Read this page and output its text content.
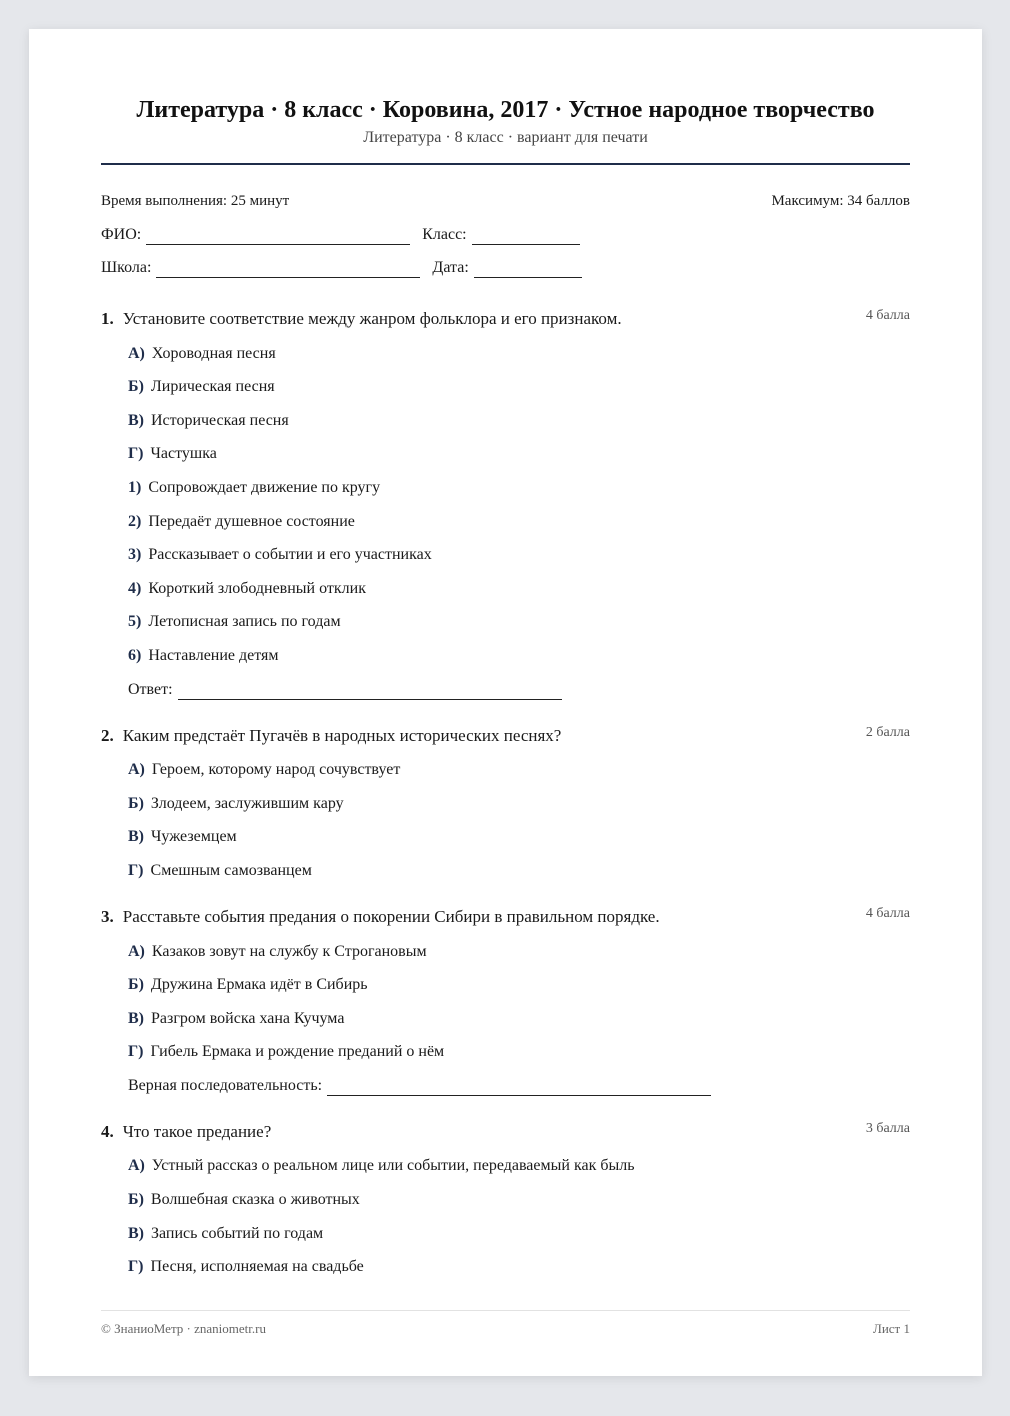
Литература · 8 класс · Коровина, 2017 · Устное народное творчество
Литература · 8 класс · вариант для печати
Время выполнения: 25 минут	Максимум: 34 баллов
ФИО:	Класс:
Школа:	Дата:
1. Установите соответствие между жанром фольклора и его признаком.	4 балла
А) Хороводная песня
Б) Лирическая песня
В) Историческая песня
Г) Частушка
1) Сопровождает движение по кругу
2) Передаёт душевное состояние
3) Рассказывает о событии и его участниках
4) Короткий злободневный отклик
5) Летописная запись по годам
6) Наставление детям
Ответ:
2. Каким предстаёт Пугачёв в народных исторических песнях?	2 балла
А) Героем, которому народ сочувствует
Б) Злодеем, заслужившим кару
В) Чужеземцем
Г) Смешным самозванцем
3. Расставьте события предания о покорении Сибири в правильном порядке.	4 балла
А) Казаков зовут на службу к Строгановым
Б) Дружина Ермака идёт в Сибирь
В) Разгром войска хана Кучума
Г) Гибель Ермака и рождение преданий о нём
Верная последовательность:
4. Что такое предание?	3 балла
А) Устный рассказ о реальном лице или событии, передаваемый как быль
Б) Волшебная сказка о животных
В) Запись событий по годам
Г) Песня, исполняемая на свадьбе
© ЗнаниоМетр · znaniometr.ru	Лист 1
